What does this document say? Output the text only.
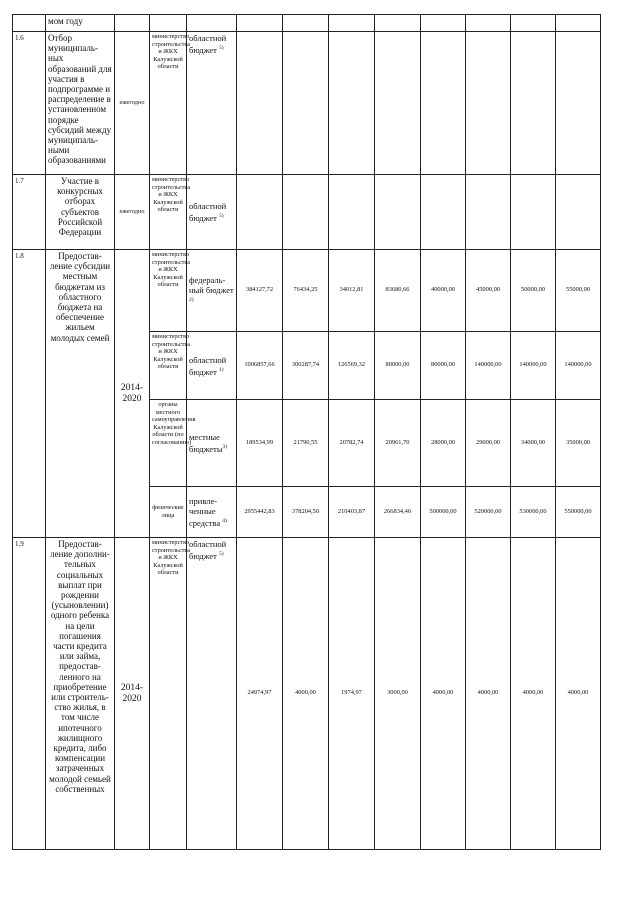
	мом году											
1.6	Отбор муниципаль-ных образований для участия в подпрограмме и распределение в установленном порядке субсидий между муниципаль-ными образованиями	ежегодно	министерство строительства и ЖКХ Калужской области	областной бюджет $^{5)}$								
1.7	Участие в конкурсных отборах субъектов Российской Федерации	ежегодно	министерство строительства и ЖКХ Калужской области	областной бюджет $^{5)}$								
1.8	Предостав-ление субсидии местным бюджетам из областного бюджета на обеспечение жильем молодых семей	2014-2020	министерство строительства и ЖКХ Калужской области	федераль-ный бюджет $^{2)}$	384127,72	76434,25	34012,81	83680,66	40000,00	45000,00	50000,00	55000,00
			министерство строительства и ЖКХ Калужской области	областной бюджет $^{1)}$	1006857,66	300287,74	126569,32	80000,00	80000,00	140000,00	140000,00	140000,00
			органы местного самоуправления Калужской области (по согласованию)	местные бюджеты$^{3)}$	189534,99	21790,55	20782,74	20961,70	28000,00	29000,00	34000,00	35000,00
			физические лица	привле-ченные средства $^{4)}$	2955442,83	378204,50	210403,87	266834,46	500000,00	520000,00	530000,00	550000,00
1.9	Предостав-ление дополни-тельных социальных выплат при рождении (усыновлении) одного ребенка на цели погашения части кредита или займа, предостав-ленного на приобретение или строитель-ство жилья, в том числе ипотечного жилищного кредита, либо компенсации затраченных молодой семьей собственных	2014-2020	министерство строительства и ЖКХ Калужской области	областной бюджет $^{5)}$	24974,97	4000,00	1974,97	3000,00	4000,00	4000,00	4000,00	4000,00
